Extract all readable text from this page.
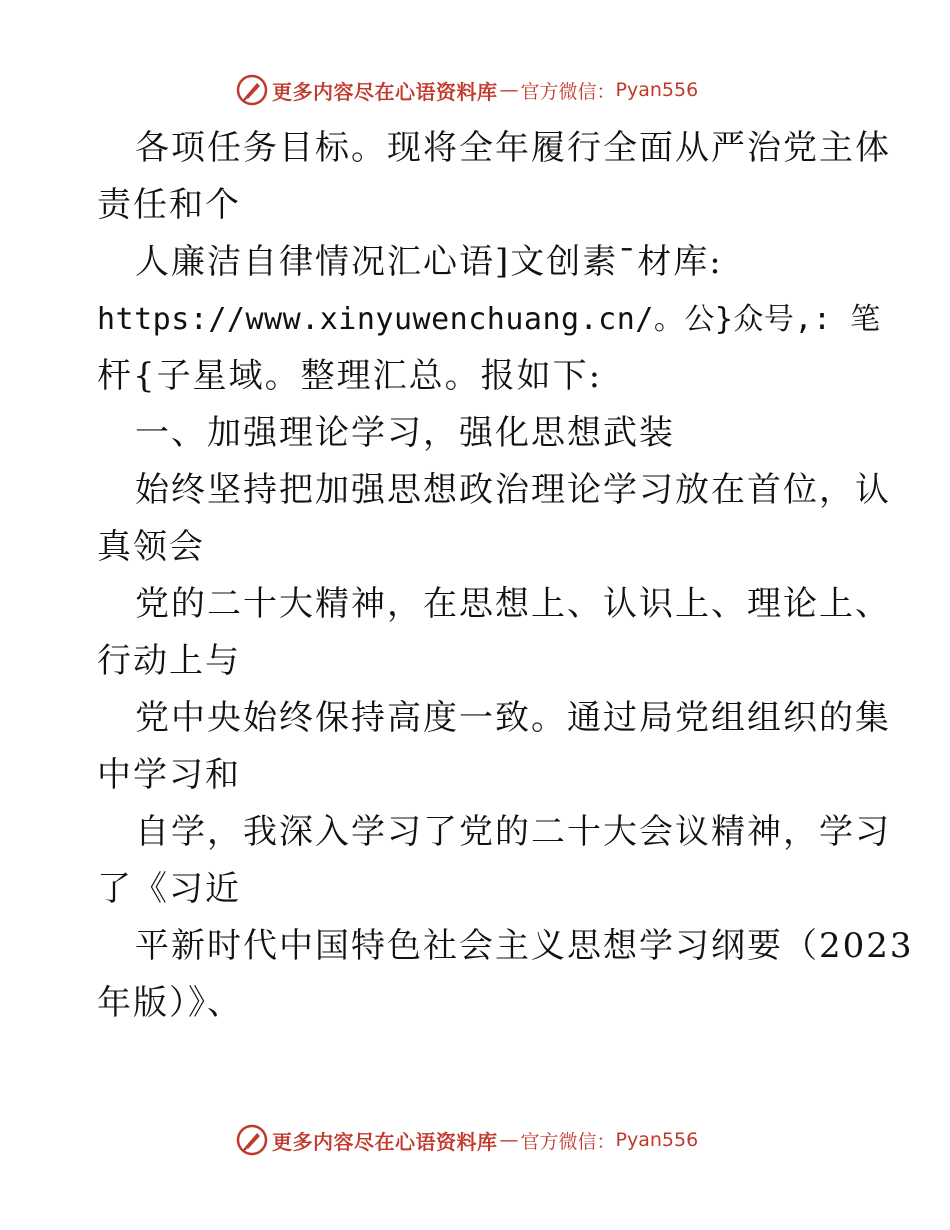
更多内容尽在心语资料库 — 官方微信： Pyan556
各项任务目标。现将全年履行全面从严治党主体
责任和个
人廉洁自律情况汇心语]文创素¯材库:
https://www.xinyuwenchuang.cn/。公}众号,: 笔
杆{子星域。整理汇总。报如下:
一、加强理论学习，强化思想武装
始终坚持把加强思想政治理论学习放在首位，认
真领会
党的二十大精神，在思想上、认识上、理论上、
行动上与
党中央始终保持高度一致。通过局党组组织的集
中学习和
自学，我深入学习了党的二十大会议精神，学习
了《习近
平新时代中国特色社会主义思想学习纲要（2023
年版）》、
更多内容尽在心语资料库 — 官方微信： Pyan556
